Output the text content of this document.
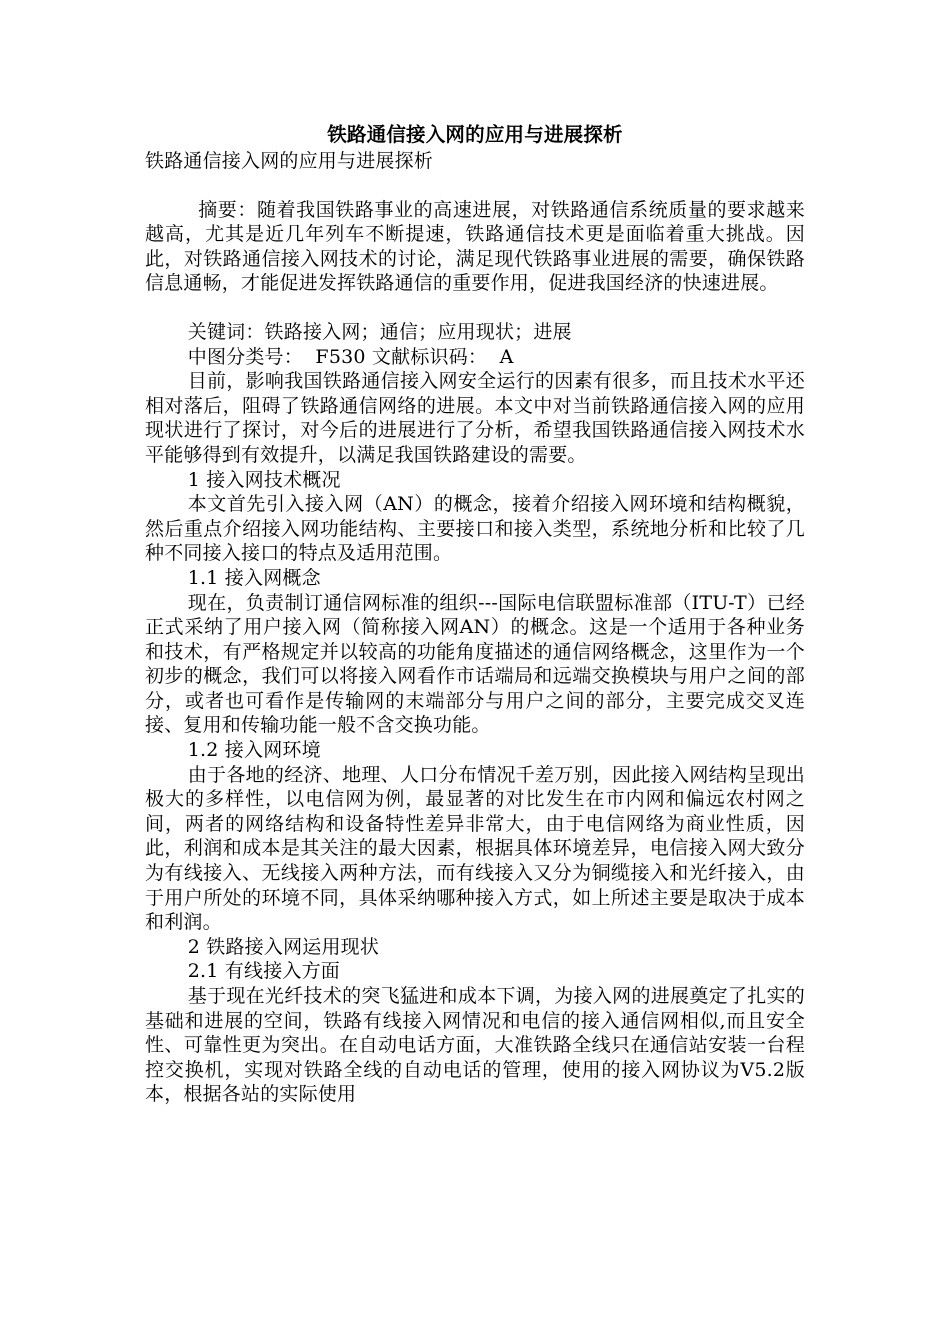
铁路通信接入网的应用与进展探析
铁路通信接入网的应用与进展探析

摘要：随着我国铁路事业的高速进展，对铁路通信系统质量的要求越来越高，尤其是近几年列车不断提速，铁路通信技术更是面临着重大挑战。因此，对铁路通信接入网技术的讨论，满足现代铁路事业进展的需要，确保铁路信息通畅，才能促进发挥铁路通信的重要作用，促进我国经济的快速进展。

关键词：铁路接入网；通信；应用现状；进展

中图分类号：  F530 文献标识码：  A

目前，影响我国铁路通信接入网安全运行的因素有很多，而且技术水平还相对落后，阻碍了铁路通信网络的进展。本文中对当前铁路通信接入网的应用现状进行了探讨，对今后的进展进行了分析，希望我国铁路通信接入网技术水平能够得到有效提升，以满足我国铁路建设的需要。

1 接入网技术概况

本文首先引入接入网（AN）的概念，接着介绍接入网环境和结构概貌，然后重点介绍接入网功能结构、主要接口和接入类型，系统地分析和比较了几种不同接入接口的特点及适用范围。

1.1 接入网概念

现在，负责制订通信网标准的组织---国际电信联盟标准部（ITU-T）已经正式采纳了用户接入网（简称接入网AN）的概念。这是一个适用于各种业务和技术，有严格规定并以较高的功能角度描述的通信网络概念，这里作为一个初步的概念，我们可以将接入网看作市话端局和远端交换模块与用户之间的部分，或者也可看作是传输网的末端部分与用户之间的部分，主要完成交叉连接、复用和传输功能一般不含交换功能。

1.2 接入网环境

由于各地的经济、地理、人口分布情况千差万别，因此接入网结构呈现出极大的多样性，以电信网为例，最显著的对比发生在市内网和偏远农村网之间，两者的网络结构和设备特性差异非常大，由于电信网络为商业性质，因此，利润和成本是其关注的最大因素，根据具体环境差异，电信接入网大致分为有线接入、无线接入两种方法，而有线接入又分为铜缆接入和光纤接入，由于用户所处的环境不同，具体采纳哪种接入方式，如上所述主要是取决于成本和利润。

2 铁路接入网运用现状

2.1 有线接入方面

基于现在光纤技术的突飞猛进和成本下调，为接入网的进展奠定了扎实的基础和进展的空间，铁路有线接入网情况和电信的接入通信网相似,而且安全性、可靠性更为突出。在自动电话方面，大准铁路全线只在通信站安装一台程控交换机，实现对铁路全线的自动电话的管理，使用的接入网协议为V5.2版本，根据各站的实际使用
